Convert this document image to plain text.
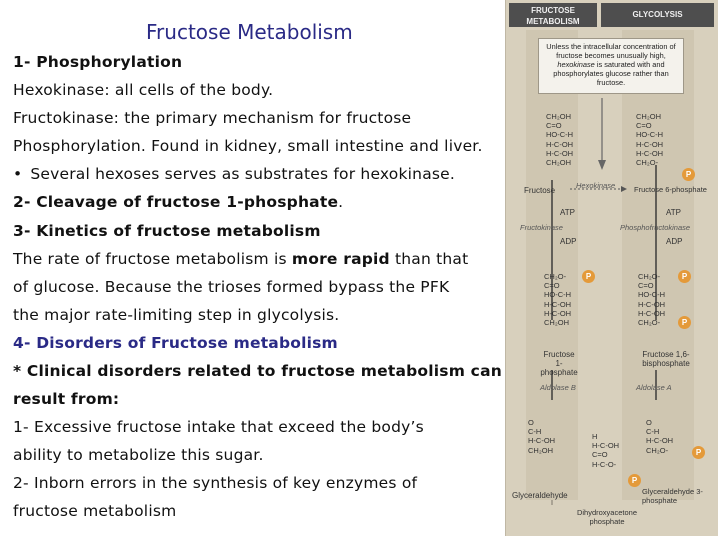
Fructose Metabolism
1- Phosphorylation
Hexokinase: all cells of the body.
Fructokinase: the primary mechanism for fructose
Phosphorylation. Found in kidney, small intestine and liver.
• Several hexoses serves as substrates for hexokinase.
2- Cleavage of fructose 1-phosphate.
3- Kinetics of fructose metabolism
The rate of fructose metabolism is more rapid than that
of glucose. Because the trioses formed bypass the PFK
the major rate-limiting step in glycolysis.
4- Disorders of Fructose metabolism
* Clinical disorders related to fructose metabolism can
result from:
1- Excessive fructose intake that exceed the body’s
ability to metabolize this sugar.
2- Inborn errors in the synthesis of key enzymes of
fructose metabolism
FRUCTOSE METABOLISM
GLYCOLYSIS
Unless the intracellular concentration of fructose becomes unusually high, hexokinase is saturated with and phosphorylates glucose rather than fructose.
CH₂OH
C=O
HO-C-H
H-C-OH
H-C-OH
CH₂OH
CH₂OH
C=O
HO-C-H
H-C-OH
H-C-OH
CH₂O-
P
Fructose
Hexokinase	Fructose 6-phosphate
ATP
Fructokinase
ADP
ATP
Phosphofructokinase
ADP
CH₂O-
C=O
HO-C-H
H-C-OH
H-C-OH
CH₂OH
P	CH₂O-
C=O
HO-C-H
H-C-OH
H-C-OH
CH₂O-
P
P
Fructose 1-phosphate
Fructose 1,6-bisphosphate
Aldolase B	Aldolase A
O
C-H
H-C-OH
CH₂OH
H
H-C-OH
C=O
H-C-O-
P
O
C-H
H-C-OH
CH₂O-	P
Glyceraldehyde	Glyceraldehyde 3-phosphate
Dihydroxyacetone phosphate
